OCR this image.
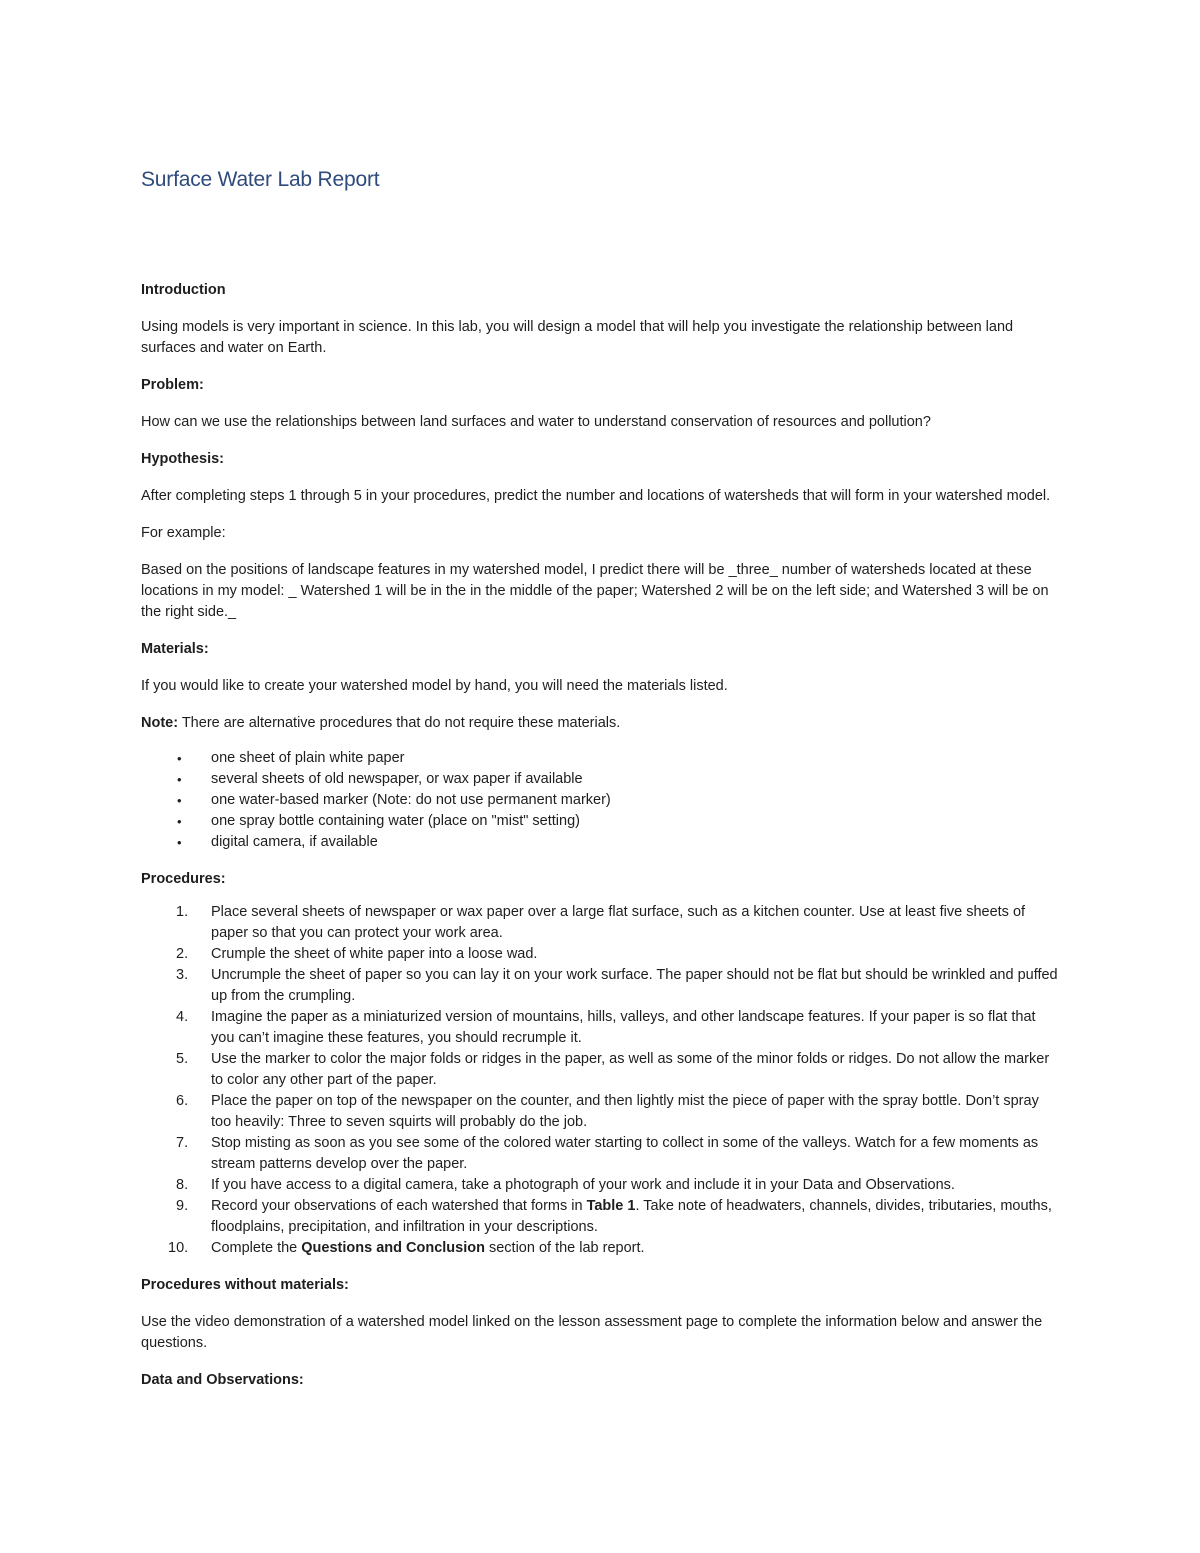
Surface Water Lab Report
Introduction

Using models is very important in science. In this lab, you will design a model that will help you investigate the relationship between land surfaces and water on Earth.

Problem:

How can we use the relationships between land surfaces and water to understand conservation of resources and pollution?

Hypothesis:

After completing steps 1 through 5 in your procedures, predict the number and locations of watersheds that will form in your watershed model.

For example:

Based on the positions of landscape features in my watershed model, I predict there will be _three_ number of watersheds located at these locations in my model: _ Watershed 1 will be in the in the middle of the paper; Watershed 2 will be on the left side; and Watershed 3 will be on the right side._

Materials:

If you would like to create your watershed model by hand, you will need the materials listed.

Note: There are alternative procedures that do not require these materials.

• one sheet of plain white paper
• several sheets of old newspaper, or wax paper if available
• one water-based marker (Note: do not use permanent marker)
• one spray bottle containing water (place on "mist" setting)
• digital camera, if available
Procedures:
1. Place several sheets of newspaper or wax paper over a large flat surface, such as a kitchen counter. Use at least five sheets of paper so that you can protect your work area.
2. Crumple the sheet of white paper into a loose wad.
3. Uncrumple the sheet of paper so you can lay it on your work surface. The paper should not be flat but should be wrinkled and puffed up from the crumpling.
4. Imagine the paper as a miniaturized version of mountains, hills, valleys, and other landscape features. If your paper is so flat that you can’t imagine these features, you should recrumple it.
5. Use the marker to color the major folds or ridges in the paper, as well as some of the minor folds or ridges. Do not allow the marker to color any other part of the paper.
6. Place the paper on top of the newspaper on the counter, and then lightly mist the piece of paper with the spray bottle. Don’t spray too heavily: Three to seven squirts will probably do the job.
7. Stop misting as soon as you see some of the colored water starting to collect in some of the valleys. Watch for a few moments as stream patterns develop over the paper.
8. If you have access to a digital camera, take a photograph of your work and include it in your Data and Observations.
9. Record your observations of each watershed that forms in Table 1. Take note of headwaters, channels, divides, tributaries, mouths, floodplains, precipitation, and infiltration in your descriptions.
10. Complete the Questions and Conclusion section of the lab report.
Procedures without materials:

Use the video demonstration of a watershed model linked on the lesson assessment page to complete the information below and answer the questions.

Data and Observations:
